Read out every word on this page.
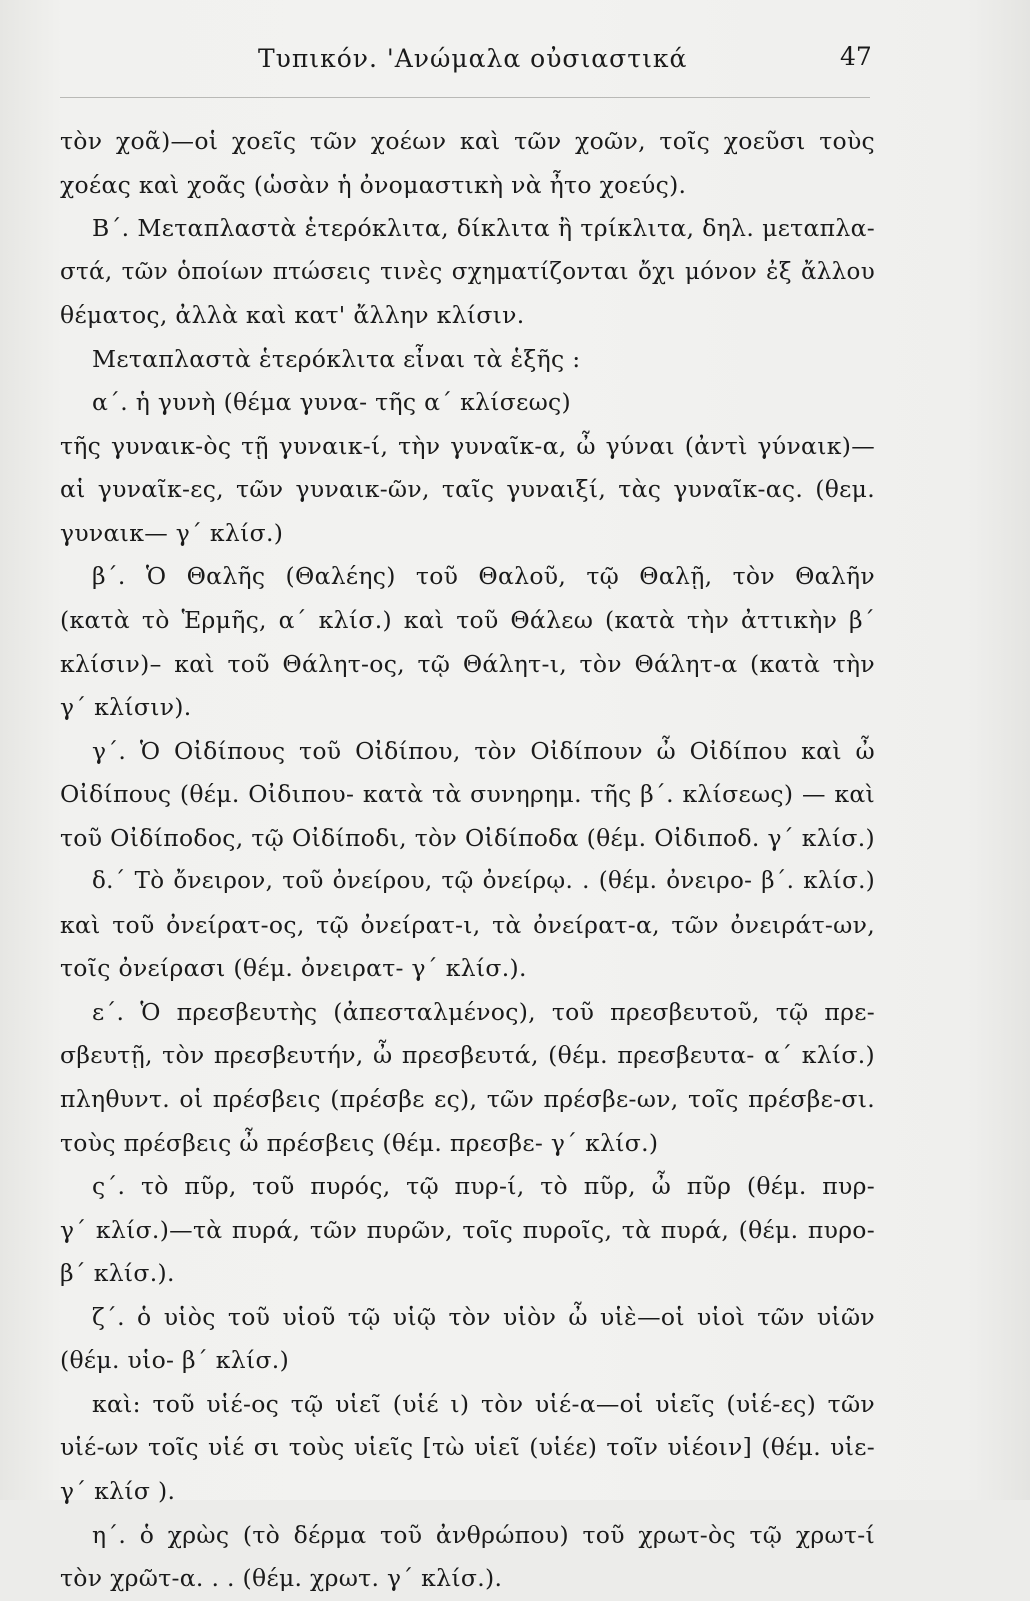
Τυπικόν. 'Ανώμαλα οὐσιαστικά	47
τὸν χοᾶ)—οἱ χοεῖς τῶν χοέων καὶ τῶν χοῶν, τοῖς χοεῦσι τοὺς
χοέας καὶ χοᾶς (ὡσὰν ἡ ὀνομαστικὴ νὰ ἦτο χοεύς).
Β΄. Μεταπλαστὰ ἑτερόκλιτα, δίκλιτα ἢ τρίκλιτα, δηλ. μεταπλα-
στά, τῶν ὁποίων πτώσεις τινὲς σχηματίζονται ὄχι μόνον ἐξ ἄλλου
θέματος, ἀλλὰ καὶ κατ' ἄλλην κλίσιν.
Μεταπλαστὰ ἑτερόκλιτα εἶναι τὰ ἑξῆς :
α΄. ἡ γυνὴ (θέμα γυνα- τῆς α΄ κλίσεως)
τῆς γυναικ-ὸς τῇ γυναικ-ί, τὴν γυναῖκ-α, ὦ γύναι (ἀντὶ γύναικ)—
αἱ γυναῖκ-ες, τῶν γυναικ-ῶν, ταῖς γυναιξί, τὰς γυναῖκ-ας. (θεμ.
γυναικ— γ΄ κλίσ.)
β΄. Ὁ Θαλῆς (Θαλέης) τοῦ Θαλοῦ, τῷ Θαλῇ, τὸν Θαλῆν
(κατὰ τὸ Ἑρμῆς, α΄ κλίσ.) καὶ τοῦ Θάλεω (κατὰ τὴν ἀττικὴν β΄
κλίσιν)– καὶ τοῦ Θάλητ-ος, τῷ Θάλητ-ι, τὸν Θάλητ-α (κατὰ τὴν
γ΄ κλίσιν).
γ΄. Ὁ Οἰδίπους τοῦ Οἰδίπου, τὸν Οἰδίπουν ὦ Οἰδίπου καὶ ὦ
Οἰδίπους (θέμ. Οἰδιπου- κατὰ τὰ συνηρημ. τῆς β΄. κλίσεως) — καὶ
τοῦ Οἰδίποδος, τῷ Οἰδίποδι, τὸν Οἰδίποδα (θέμ. Οἰδιποδ. γ΄ κλίσ.)
δ.΄ Τὸ ὄνειρον, τοῦ ὀνείρου, τῷ ὀνείρῳ. . (θέμ. ὀνειρο- β΄. κλίσ.)
καὶ τοῦ ὀνείρατ-ος, τῷ ὀνείρατ-ι, τὰ ὀνείρατ-α, τῶν ὀνειράτ-ων,
τοῖς ὀνείρασι (θέμ. ὀνειρατ- γ΄ κλίσ.).
ε΄. Ὁ πρεσβευτὴς (ἀπεσταλμένος), τοῦ πρεσβευτοῦ, τῷ πρε-
σβευτῇ, τὸν πρεσβευτήν, ὦ πρεσβευτά, (θέμ. πρεσβευτα- α΄ κλίσ.)
πληθυντ. οἱ πρέσβεις (πρέσβε ες), τῶν πρέσβε-ων, τοῖς πρέσβε-σι.
τοὺς πρέσβεις ὦ πρέσβεις (θέμ. πρεσβε- γ΄ κλίσ.)
ς΄. τὸ πῦρ, τοῦ πυρός, τῷ πυρ-ί, τὸ πῦρ, ὦ πῦρ (θέμ. πυρ-
γ΄ κλίσ.)—τὰ πυρά, τῶν πυρῶν, τοῖς πυροῖς, τὰ πυρά, (θέμ. πυρο-
β΄ κλίσ.).
ζ΄. ὁ υἱὸς τοῦ υἱοῦ τῷ υἱῷ τὸν υἱὸν ὦ υἱὲ—οἱ υἱοὶ τῶν υἱῶν
(θέμ. υἱο- β΄ κλίσ.)
καὶ: τοῦ υἱέ-ος τῷ υἱεῖ (υἱέ ι) τὸν υἱέ-α—οἱ υἱεῖς (υἱέ-ες) τῶν
υἱέ-ων τοῖς υἱέ σι τοὺς υἱεῖς [τὼ υἱεῖ (υἱέε) τοῖν υἱέοιν] (θέμ. υἱε-
γ΄ κλίσ ).
η΄. ὁ χρὼς (τὸ δέρμα τοῦ ἀνθρώπου) τοῦ χρωτ-ὸς τῷ χρωτ-ί
τὸν χρῶτ-α. . . (θέμ. χρωτ. γ΄ κλίσ.).
